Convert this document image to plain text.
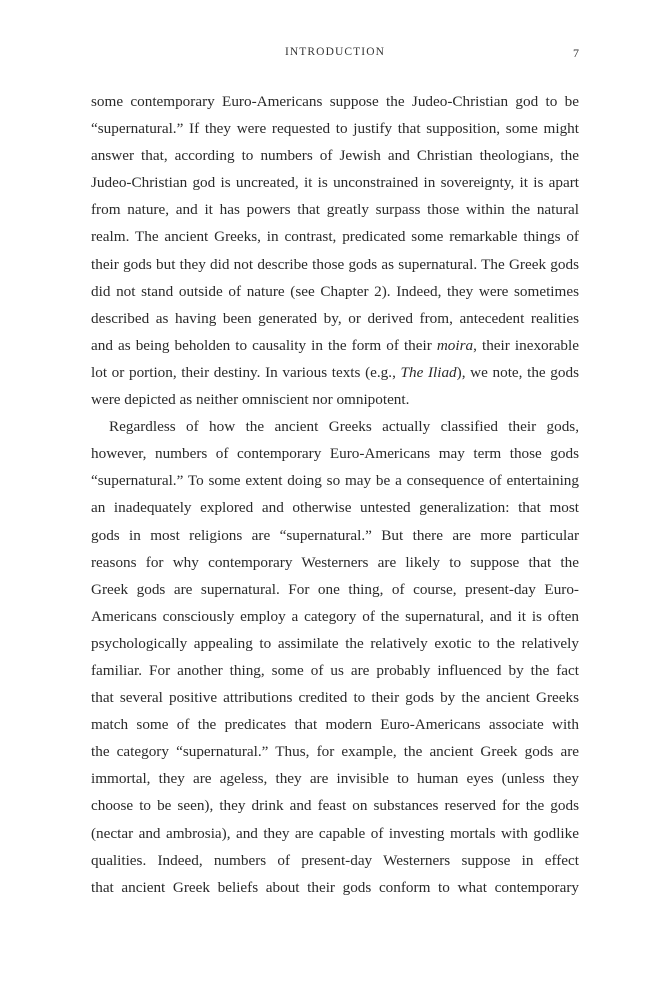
INTRODUCTION	7
some contemporary Euro-Americans suppose the Judeo-Christian god to be
“supernatural.” If they were requested to justify that supposition, some might
answer that, according to numbers of Jewish and Christian theologians, the
Judeo-Christian god is uncreated, it is unconstrained in sovereignty, it is apart
from nature, and it has powers that greatly surpass those within the natural
realm. The ancient Greeks, in contrast, predicated some remarkable things of
their gods but they did not describe those gods as supernatural. The Greek gods
did not stand outside of nature (see Chapter 2). Indeed, they were sometimes
described as having been generated by, or derived from, antecedent realities
and as being beholden to causality in the form of their moira, their inexorable
lot or portion, their destiny. In various texts (e.g., The Iliad), we note, the gods
were depicted as neither omniscient nor omnipotent.
Regardless of how the ancient Greeks actually classified their gods,
however, numbers of contemporary Euro-Americans may term those gods
“supernatural.” To some extent doing so may be a consequence of entertaining
an inadequately explored and otherwise untested generalization: that most
gods in most religions are “supernatural.” But there are more particular
reasons for why contemporary Westerners are likely to suppose that the
Greek gods are supernatural. For one thing, of course, present-day Euro-
Americans consciously employ a category of the supernatural, and it is often
psychologically appealing to assimilate the relatively exotic to the relatively
familiar. For another thing, some of us are probably influenced by the fact
that several positive attributions credited to their gods by the ancient Greeks
match some of the predicates that modern Euro-Americans associate with
the category “supernatural.” Thus, for example, the ancient Greek gods are
immortal, they are ageless, they are invisible to human eyes (unless they
choose to be seen), they drink and feast on substances reserved for the gods
(nectar and ambrosia), and they are capable of investing mortals with godlike
qualities. Indeed, numbers of present-day Westerners suppose in effect
that ancient Greek beliefs about their gods conform to what contemporary
